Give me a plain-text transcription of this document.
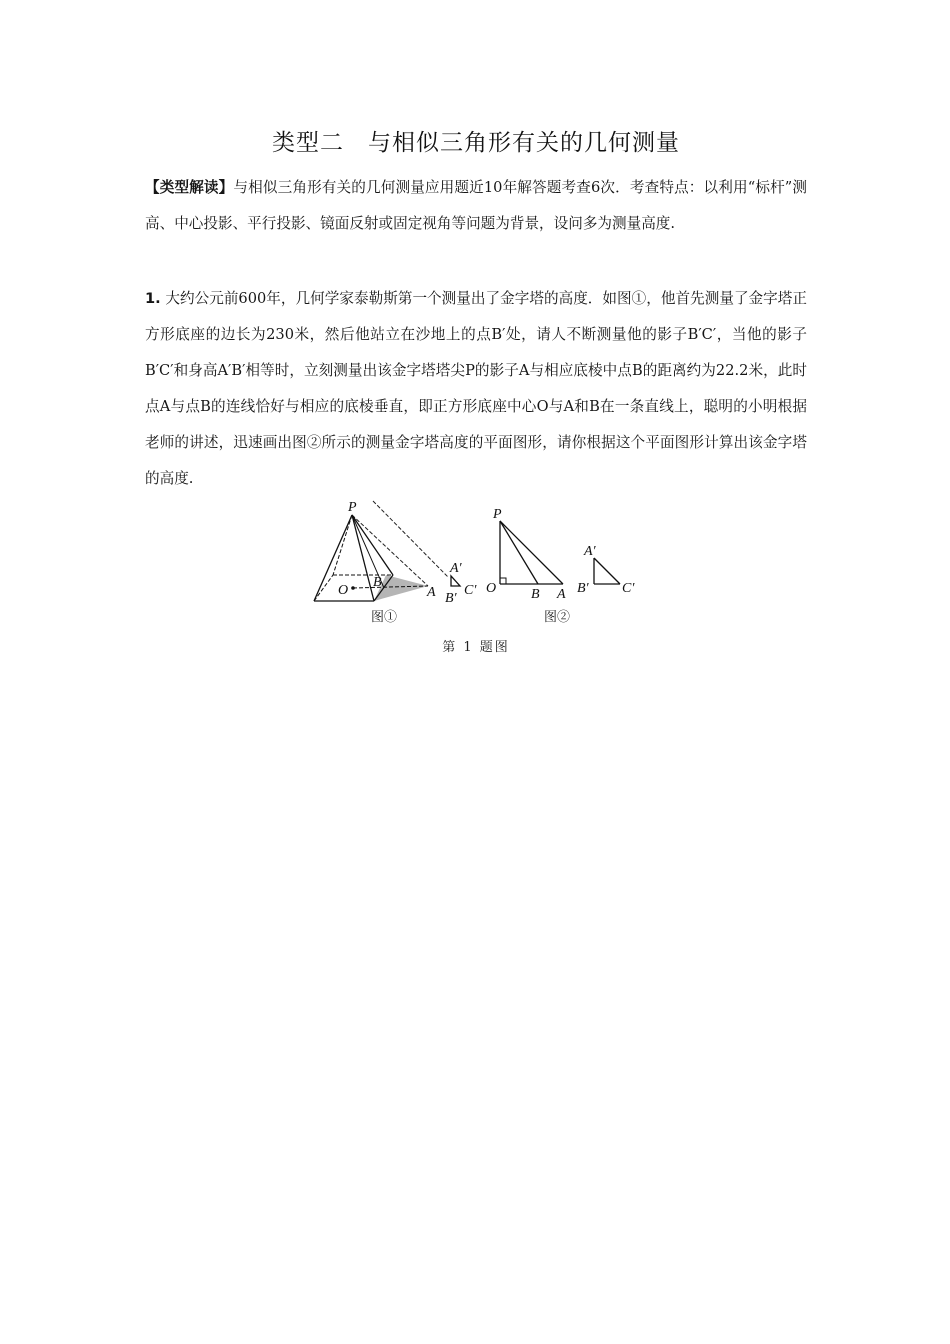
类型二　与相似三角形有关的几何测量
【类型解读】与相似三角形有关的几何测量应用题近10年解答题考查6次．考查特点：以利用“标杆”测高、中心投影、平行投影、镜面反射或固定视角等问题为背景，设问多为测量高度.
1. 大约公元前600年，几何学家泰勒斯第一个测量出了金字塔的高度．如图①，他首先测量了金字塔正方形底座的边长为230米，然后他站立在沙地上的点B′处，请人不断测量他的影子B′C′，当他的影子B′C′和身高A′B′相等时，立刻测量出该金字塔塔尖P的影子A与相应底棱中点B的距离约为22.2米，此时点A与点B的连线恰好与相应的底棱垂直，即正方形底座中心O与A和B在一条直线上，聪明的小明根据老师的讲述，迅速画出图②所示的测量金字塔高度的平面图形，请你根据这个平面图形计算出该金字塔的高度.
第 1 题图
P
O
B
A
A′
B′
C′
图①
P
O B A
A′
B′ C′
图②
